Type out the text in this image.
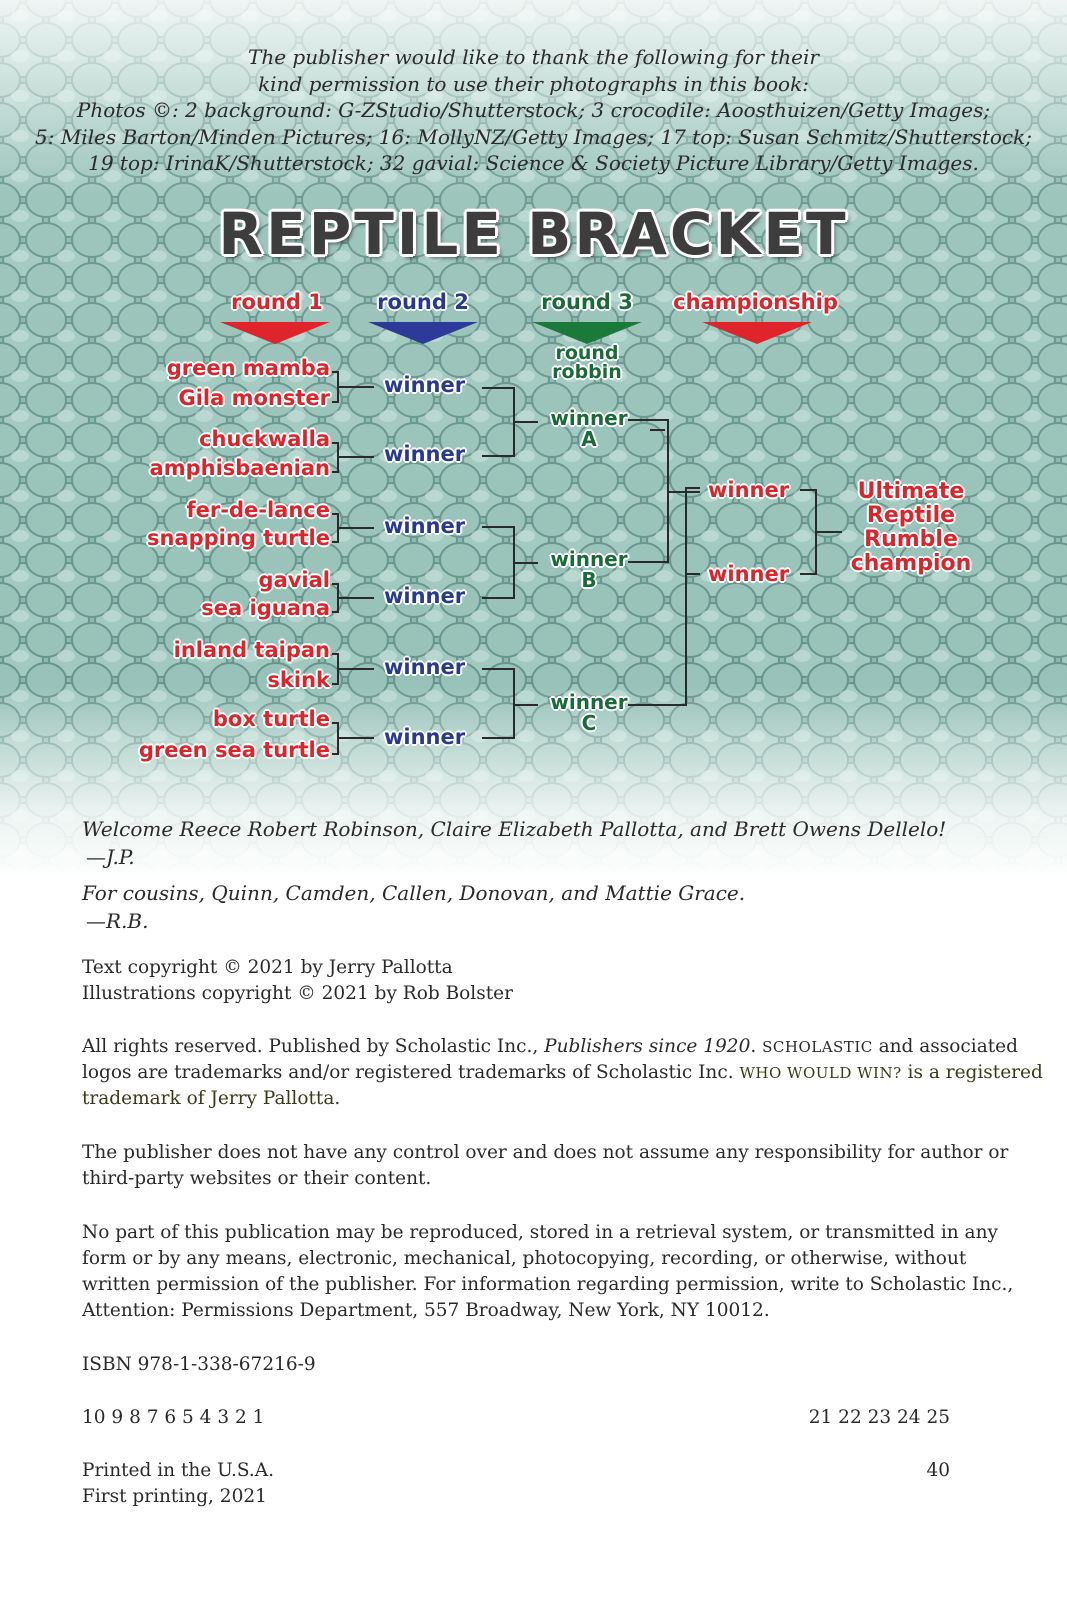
The publisher would like to thank the following for their
kind permission to use their photographs in this book:
Photos ©: 2 background: G-ZStudio/Shutterstock; 3 crocodile: Aoosthuizen/Getty Images;
5: Miles Barton/Minden Pictures; 16: MollyNZ/Getty Images; 17 top: Susan Schmitz/Shutterstock;
19 top: IrinaK/Shutterstock; 32 gavial: Science & Society Picture Library/Getty Images.
REPTILE BRACKET
round 1	round 2	round 3	championship
round
robbin
green mamba
Gila monster
chuckwalla
amphisbaenian
fer-de-lance
snapping turtle
gavial
sea iguana
inland taipan
skink
box turtle
green sea turtle
winner
winner
winner
winner
winner
winner
winner
A
winner
B
winner
C
winner
winner
Ultimate
Reptile
Rumble
champion
Welcome Reece Robert Robinson, Claire Elizabeth Pallotta, and Brett Owens Dellelo!
—J.P.
For cousins, Quinn, Camden, Callen, Donovan, and Mattie Grace.
—R.B.
Text copyright © 2021 by Jerry Pallotta
Illustrations copyright © 2021 by Rob Bolster
All rights reserved. Published by Scholastic Inc., Publishers since 1920. SCHOLASTIC and associated
logos are trademarks and/or registered trademarks of Scholastic Inc. WHO WOULD WIN? is a registered
trademark of Jerry Pallotta.
The publisher does not have any control over and does not assume any responsibility for author or
third-party websites or their content.
No part of this publication may be reproduced, stored in a retrieval system, or transmitted in any
form or by any means, electronic, mechanical, photocopying, recording, or otherwise, without
written permission of the publisher. For information regarding permission, write to Scholastic Inc.,
Attention: Permissions Department, 557 Broadway, New York, NY 10012.
ISBN 978-1-338-67216-9
10 9 8 7 6 5 4 3 2 1	21 22 23 24 25
Printed in the U.S.A.	40
First printing, 2021
